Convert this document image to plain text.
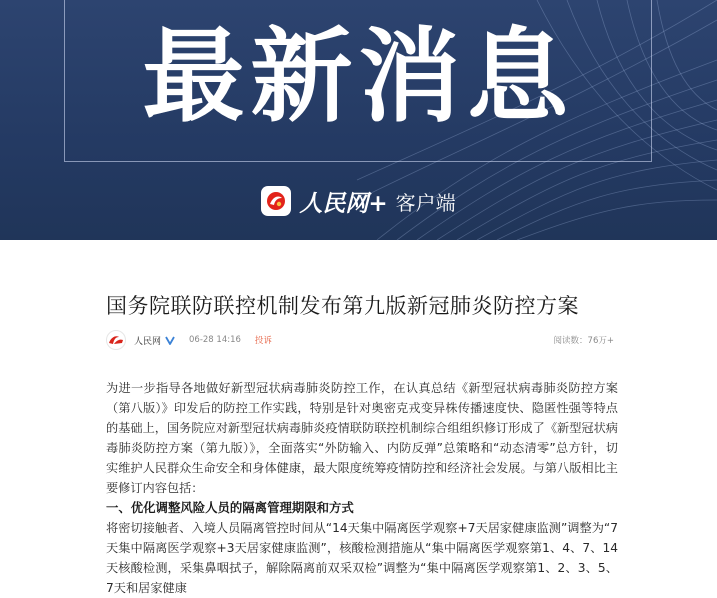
最新消息
人民网+ 客户端
国务院联防联控机制发布第九版新冠肺炎防控方案
人民网	06-28 14:16 投诉	阅读数：76万+

为进一步指导各地做好新型冠状病毒肺炎防控工作，在认真总结《新型冠状病毒肺炎防控方案（第八版）》印发后的防控工作实践，特别是针对奥密克戎变异株传播速度快、隐匿性强等特点的基础上，国务院应对新型冠状病毒肺炎疫情联防联控机制综合组组织修订形成了《新型冠状病毒肺炎防控方案（第九版）》，全面落实“外防输入、内防反弹”总策略和“动态清零”总方针，切实维护人民群众生命安全和身体健康，最大限度统筹疫情防控和经济社会发展。与第八版相比主要修订内容包括：

一、优化调整风险人员的隔离管理期限和方式

将密切接触者、入境人员隔离管控时间从“14天集中隔离医学观察+7天居家健康监测”调整为“7天集中隔离医学观察+3天居家健康监测”，核酸检测措施从“集中隔离医学观察第1、4、7、14天核酸检测，采集鼻咽拭子，解除隔离前双采双检”调整为“集中隔离医学观察第1、2、3、5、7天和居家健康
